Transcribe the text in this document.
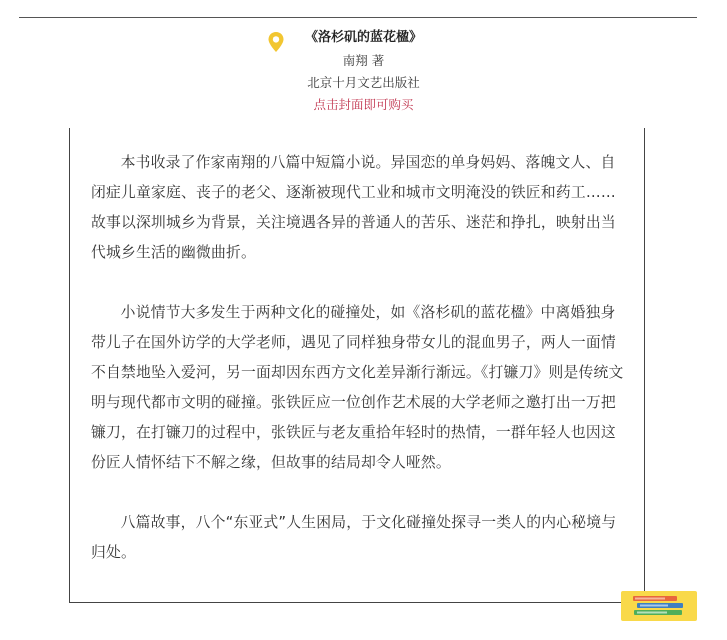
《洛杉矶的蓝花楹》
南翔 著
北京十月文艺出版社
点击封面即可购买

本书收录了作家南翔的八篇中短篇小说。异国恋的单身妈妈、落魄文人、自闭症儿童家庭、丧子的老父、逐渐被现代工业和城市文明淹没的铁匠和药工……故事以深圳城乡为背景，关注境遇各异的普通人的苦乐、迷茫和挣扎，映射出当代城乡生活的幽微曲折。

小说情节大多发生于两种文化的碰撞处，如《洛杉矶的蓝花楹》中离婚独身带儿子在国外访学的大学老师，遇见了同样独身带女儿的混血男子，两人一面情不自禁地坠入爱河，另一面却因东西方文化差异渐行渐远。《打镰刀》则是传统文明与现代都市文明的碰撞。张铁匠应一位创作艺术展的大学老师之邀打出一万把镰刀，在打镰刀的过程中，张铁匠与老友重拾年轻时的热情，一群年轻人也因这份匠人情怀结下不解之缘，但故事的结局却令人哑然。

八篇故事，八个“东亚式”人生困局，于文化碰撞处探寻一类人的内心秘境与归处。
